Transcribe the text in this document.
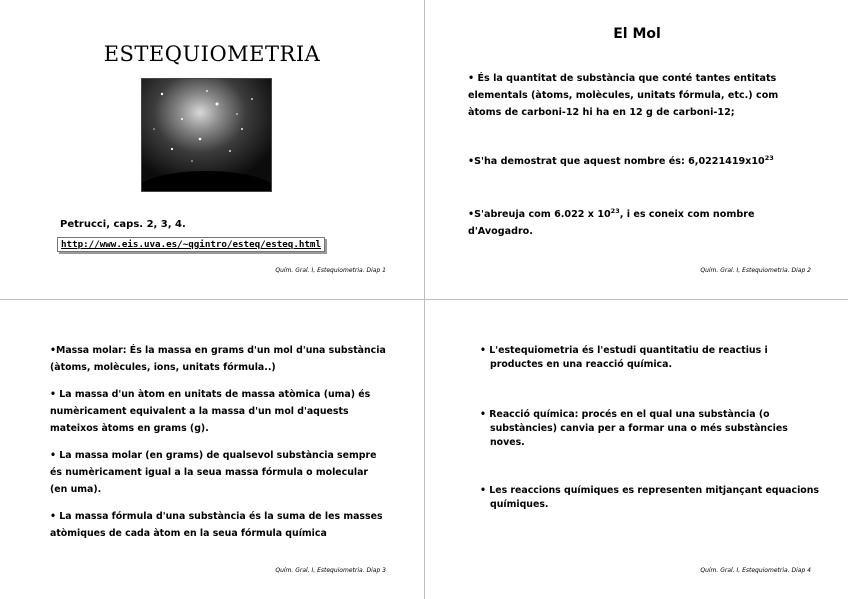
ESTEQUIOMETRIA
Petrucci, caps. 2, 3, 4.
http://www.eis.uva.es/~qgintro/esteq/esteq.html
Quím. Gral. I, Estequiometria. Diap 1
El Mol
• És la quantitat de substància que conté tantes entitats elementals (àtoms, molècules, unitats fórmula, etc.) com àtoms de carboni-12 hi ha en 12 g de carboni-12;
•S'ha demostrat que aquest nombre és: $6,0221419x10^{23}$
•S'abreuja com 6.022 x $10^{23}$, i es coneix com nombre d'Avogadro.
Quím. Gral. I, Estequiometria. Diap 2

•Massa molar: És la massa en grams d'un mol d'una substància (àtoms, molècules, ions, unitats fórmula..)

• La massa d'un àtom en unitats de massa atòmica (uma) és numèricament equivalent a la massa d'un mol d'aquests mateixos àtoms en grams (g).

• La massa molar (en grams) de qualsevol substància sempre és numèricament igual a la seua massa fórmula o molecular (en uma).

• La massa fórmula d'una substància és la suma de les masses atòmiques de cada àtom en la seua fórmula química

Quím. Gral. I, Estequiometria. Diap 3

• L'estequiometria és l'estudi quantitatiu de reactius i productes en una reacció química.

• Reacció química: procés en el qual una substància (o substàncies) canvia per a formar una o més substàncies noves.

• Les reaccions químiques es representen mitjançant equacions químiques.

Quím. Gral. I, Estequiometria. Diap 4
